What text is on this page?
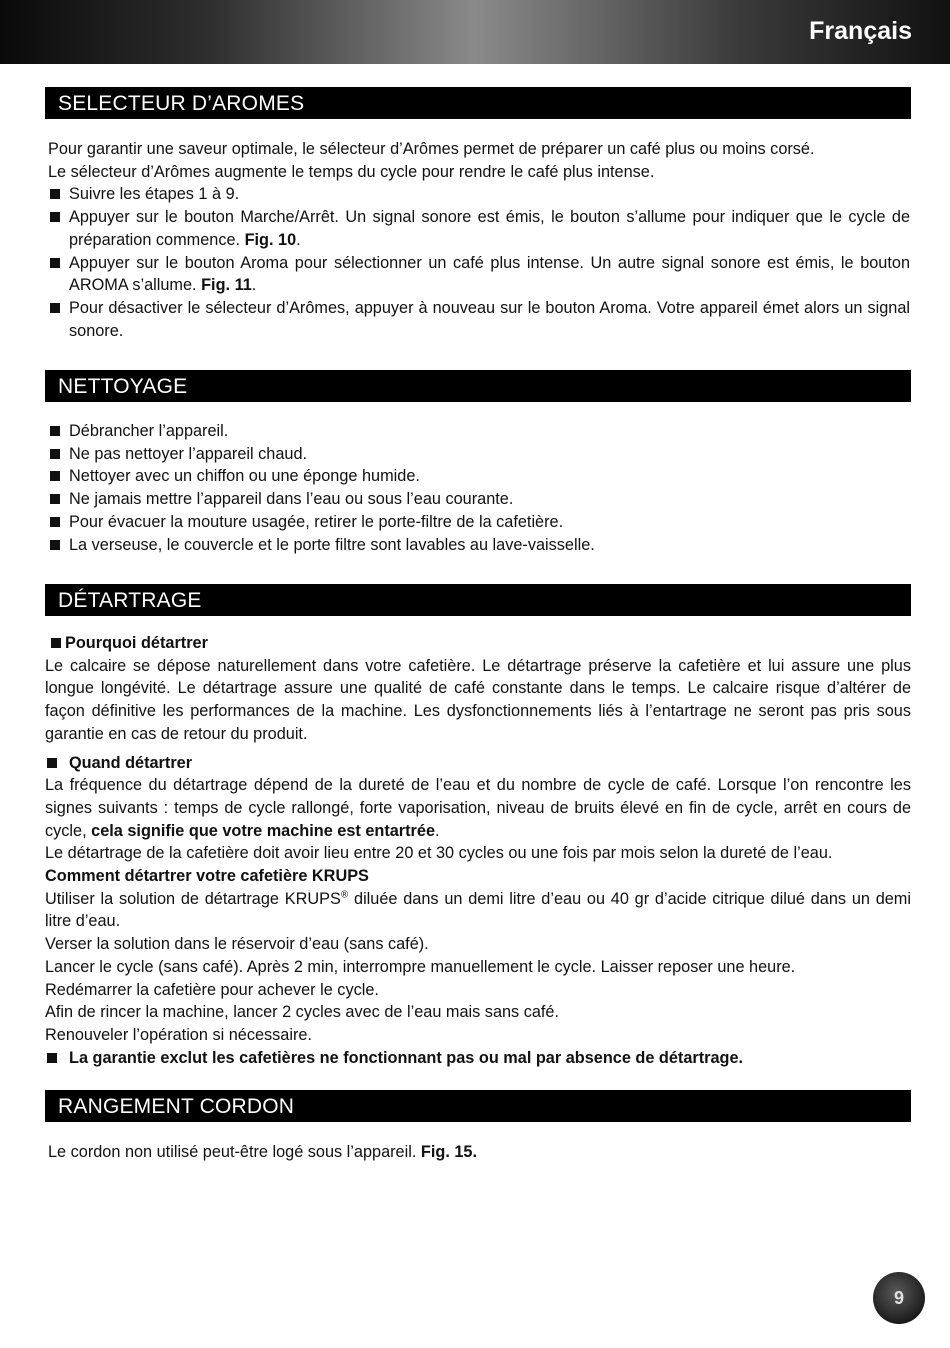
Français
SELECTEUR D’AROMES

Pour garantir une saveur optimale, le sélecteur d’Arômes permet de préparer un café plus ou moins corsé.

Le sélecteur d’Arômes augmente le temps du cycle pour rendre le café plus intense.

Suivre les étapes 1 à 9.
Appuyer sur le bouton Marche/Arrêt. Un signal sonore est émis, le bouton s’allume pour indiquer que le cycle de préparation commence. Fig. 10.
Appuyer sur le bouton Aroma pour sélectionner un café plus intense. Un autre signal sonore est émis, le bouton AROMA s’allume. Fig. 11.
Pour désactiver le sélecteur d’Arômes, appuyer à nouveau sur le bouton Aroma. Votre appareil émet alors un signal sonore.
NETTOYAGE
Débrancher l’appareil.
Ne pas nettoyer l’appareil chaud.
Nettoyer avec un chiffon ou une éponge humide.
Ne jamais mettre l’appareil dans l’eau ou sous l’eau courante.
Pour évacuer la mouture usagée, retirer le porte-filtre de la cafetière.
La verseuse, le couvercle et le porte filtre sont lavables au lave-vaisselle.
DÉTARTRAGE

Pourquoi détartrer

Le calcaire se dépose naturellement dans votre cafetière. Le détartrage préserve la cafetière et lui assure une plus longue longévité. Le détartrage assure une qualité de café constante dans le temps. Le calcaire risque d’altérer de façon définitive les performances de la machine. Les dysfonctionnements liés à l’entartrage ne seront pas pris sous garantie en cas de retour du produit.

Quand détartrer

La fréquence du détartrage dépend de la dureté de l’eau et du nombre de cycle de café. Lorsque l’on rencontre les signes suivants : temps de cycle rallongé, forte vaporisation, niveau de bruits élevé en fin de cycle, arrêt en cours de cycle, cela signifie que votre machine est entartrée.

Le détartrage de la cafetière doit avoir lieu entre 20 et 30 cycles ou une fois par mois selon la dureté de l’eau.

Comment détartrer votre cafetière KRUPS

Utiliser la solution de détartrage KRUPS® diluée dans un demi litre d’eau ou 40 gr d’acide citrique dilué dans un demi litre d’eau.

Verser la solution dans le réservoir d’eau (sans café).

Lancer le cycle (sans café). Après 2 min, interrompre manuellement le cycle. Laisser reposer une heure.

Redémarrer la cafetière pour achever le cycle.

Afin de rincer la machine, lancer 2 cycles avec de l’eau mais sans café.

Renouveler l’opération si nécessaire.

La garantie exclut les cafetières ne fonctionnant pas ou mal par absence de détartrage.

RANGEMENT CORDON

Le cordon non utilisé peut-être logé sous l’appareil. Fig. 15.

9
